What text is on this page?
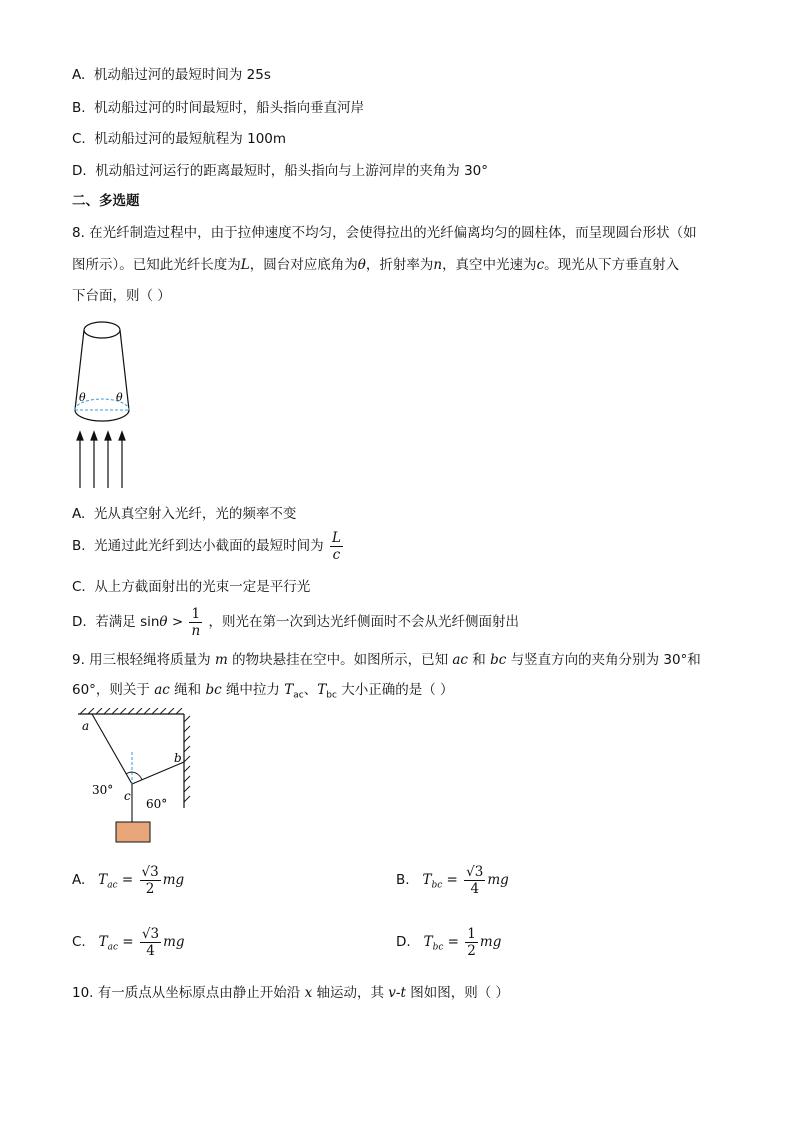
A. 机动船过河的最短时间为 25s
B. 机动船过河的时间最短时，船头指向垂直河岸
C. 机动船过河的最短航程为 100m
D. 机动船过河运行的距离最短时，船头指向与上游河岸的夹角为 30°
二、多选题
8. 在光纤制造过程中，由于拉伸速度不均匀，会使得拉出的光纤偏离均匀的圆柱体，而呈现圆台形状（如
图所示）。已知此光纤长度为L，圆台对应底角为θ，折射率为n，真空中光速为c。现光从下方垂直射入
下台面，则（ ）
θ	θ
A. 光从真空射入光纤，光的频率不变
B. 光通过此光纤到达小截面的最短时间为 $\frac{L}{c}$
C. 从上方截面射出的光束一定是平行光
D. 若满足 $\sin\theta > \frac{1}{n}$ ，则光在第一次到达光纤侧面时不会从光纤侧面射出
9. 用三根轻绳将质量为 m 的物块悬挂在空中。如图所示，已知 ac 和 bc 与竖直方向的夹角分别为 30°和
60°，则关于 ac 绳和 bc 绳中拉力 $T_{ac}$、$T_{bc}$ 大小正确的是（ ）
a
b
c
30°
60°
A. $T_{ac} = \frac{√3}{2}$ mg	B. $T_{bc} = \frac{√3}{4}$ mg
C. $T_{ac} = \frac{√3}{4}$ mg	D. $T_{bc} = \frac{1}{2}$ mg
10. 有一质点从坐标原点由静止开始沿 x 轴运动，其 v-t 图如图，则（ ）
